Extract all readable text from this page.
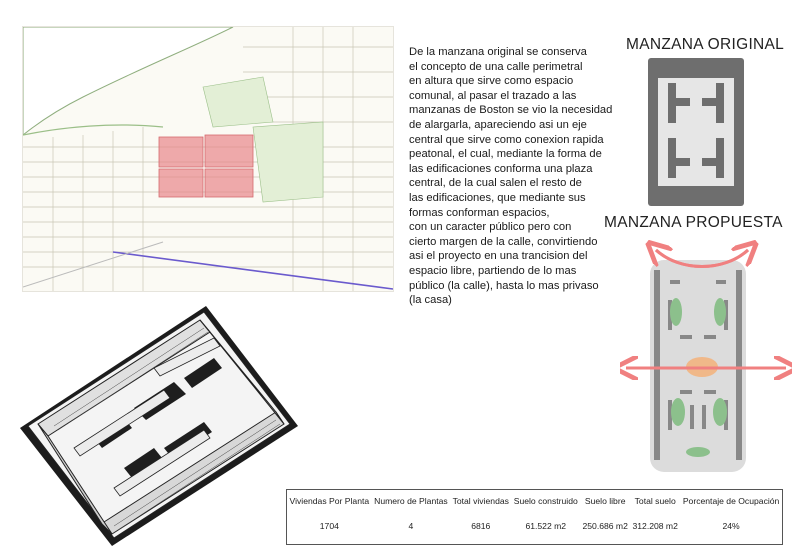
De la manzana original se conserva
el concepto de una calle perimetral
en altura que sirve como espacio
comunal, al pasar el trazado a las
manzanas de Boston se vio la necesidad
de alargarla, apareciendo asi un eje
central que sirve como conexion rapida
peatonal, el cual, mediante la forma de
las edificaciones conforma una plaza
central, de la cual salen el resto de
las edificaciones, que mediante sus
formas conforman espacios,
con un caracter público pero con
cierto margen de la calle, convirtiendo
asi el proyecto en una trancision del
espacio libre, partiendo de lo mas
público (la calle), hasta lo mas privaso
(la casa)
MANZANA ORIGINAL
MANZANA PROPUESTA
Viviendas Por Planta	Numero de Plantas	Total viviendas	Suelo construido	Suelo libre	Total suelo	Porcentaje de Ocupación
1704	4	6816	61.522 m2	250.686 m2	312.208 m2	24%
